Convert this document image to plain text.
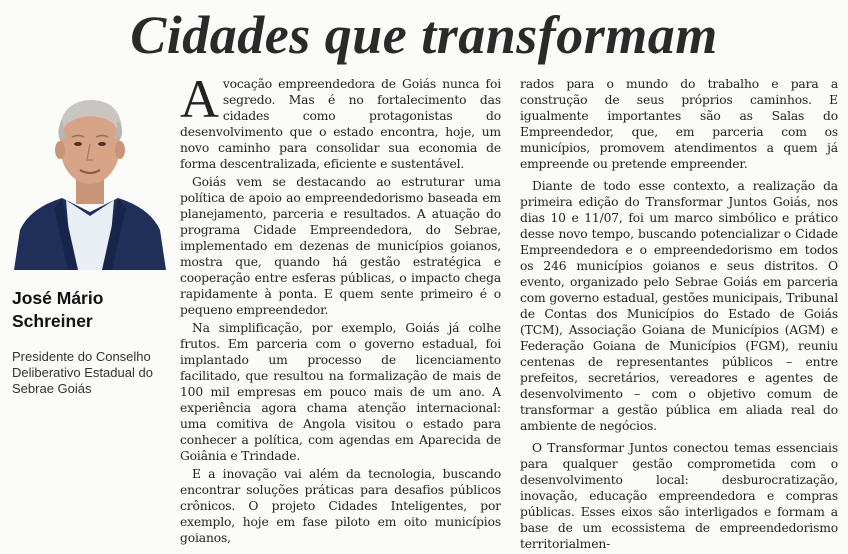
Cidades que transformam
José Mário Schreiner

Presidente do Conselho Deliberativo Estadual do Sebrae Goiás

A vocação empreendedora de Goiás nunca foi segredo. Mas é no fortalecimento das cidades como protagonistas do desenvolvimento que o estado encontra, hoje, um novo caminho para consolidar sua economia de forma descentralizada, eficiente e sustentável.

Goiás vem se destacando ao estruturar uma política de apoio ao empreendedorismo baseada em planejamento, parceria e resultados. A atuação do programa Cidade Empreendedora, do Sebrae, implementado em dezenas de municípios goianos, mostra que, quando há gestão estratégica e cooperação entre esferas públicas, o impacto chega rapidamente à ponta. E quem sente primeiro é o pequeno empreendedor.

Na simplificação, por exemplo, Goiás já colhe frutos. Em parceria com o governo estadual, foi implantado um processo de licenciamento facilitado, que resultou na formalização de mais de 100 mil empresas em pouco mais de um ano. A experiência agora chama atenção internacional: uma comitiva de Angola visitou o estado para conhecer a política, com agendas em Aparecida de Goiânia e Trindade.

E a inovação vai além da tecnologia, buscando encontrar soluções práticas para desafios públicos crônicos. O projeto Cidades Inteligentes, por exemplo, hoje em fase piloto em oito municípios goianos,

rados para o mundo do trabalho e para a construção de seus próprios caminhos. E igualmente importantes são as Salas do Empreendedor, que, em parceria com os municípios, promovem atendimentos a quem já empreende ou pretende empreender.

Diante de todo esse contexto, a realização da primeira edição do Transformar Juntos Goiás, nos dias 10 e 11/07, foi um marco simbólico e prático desse novo tempo, buscando potencializar o Cidade Empreendedora e o empreendedorismo em todos os 246 municípios goianos e seus distritos. O evento, organizado pelo Sebrae Goiás em parceria com governo estadual, gestões municipais, Tribunal de Contas dos Municípios do Estado de Goiás (TCM), Associação Goiana de Municípios (AGM) e Federação Goiana de Municípios (FGM), reuniu centenas de representantes públicos – entre prefeitos, secretários, vereadores e agentes de desenvolvimento – com o objetivo comum de transformar a gestão pública em aliada real do ambiente de negócios.

O Transformar Juntos conectou temas essenciais para qualquer gestão comprometida com o desenvolvimento local: desburocratização, inovação, educação empreendedora e compras públicas. Esses eixos são interligados e formam a base de um ecossistema de empreendedorismo territorialmen-
